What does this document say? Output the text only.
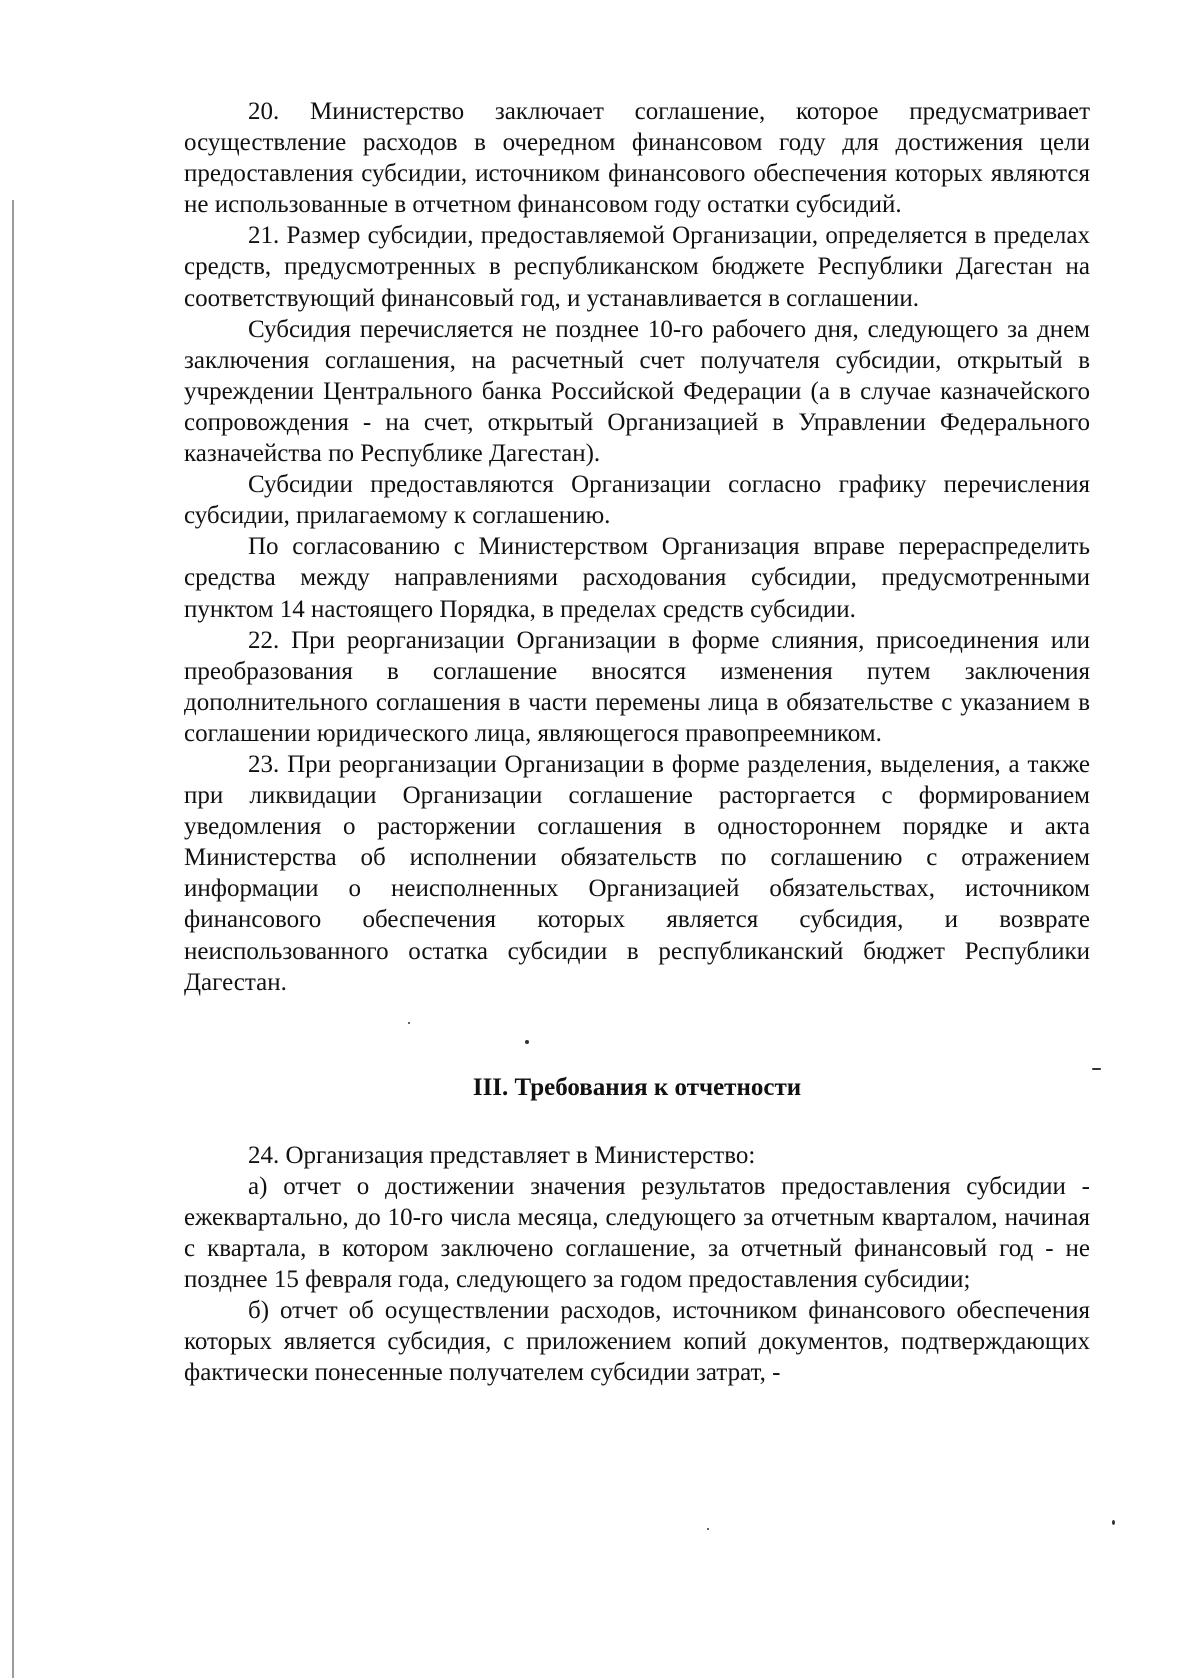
20. Министерство заключает соглашение, которое предусматривает осуществление расходов в очередном финансовом году для достижения цели предоставления субсидии, источником финансового обеспечения которых являются не использованные в отчетном финансовом году остатки субсидий.

21. Размер субсидии, предоставляемой Организации, определяется в пределах средств, предусмотренных в республиканском бюджете Республики Дагестан на соответствующий финансовый год, и устанавливается в соглашении.

Субсидия перечисляется не позднее 10-го рабочего дня, следующего за днем заключения соглашения, на расчетный счет получателя субсидии, открытый в учреждении Центрального банка Российской Федерации (а в случае казначейского сопровождения - на счет, открытый Организацией в Управлении Федерального казначейства по Республике Дагестан).

Субсидии предоставляются Организации согласно графику перечисления субсидии, прилагаемому к соглашению.

По согласованию с Министерством Организация вправе перераспределить средства между направлениями расходования субсидии, предусмотренными пунктом 14 настоящего Порядка, в пределах средств субсидии.

22. При реорганизации Организации в форме слияния, присоединения или преобразования в соглашение вносятся изменения путем заключения дополнительного соглашения в части перемены лица в обязательстве с указанием в соглашении юридического лица, являющегося правопреемником.

23. При реорганизации Организации в форме разделения, выделения, а также при ликвидации Организации соглашение расторгается с формированием уведомления о расторжении соглашения в одностороннем порядке и акта Министерства об исполнении обязательств по соглашению с отражением информации о неисполненных Организацией обязательствах, источником финансового обеспечения которых является субсидия, и возврате неиспользованного остатка субсидии в республиканский бюджет Республики Дагестан.

III. Требования к отчетности

24. Организация представляет в Министерство:

а) отчет о достижении значения результатов предоставления субсидии - ежеквартально, до 10-го числа месяца, следующего за отчетным кварталом, начиная с квартала, в котором заключено соглашение, за отчетный финансовый год - не позднее 15 февраля года, следующего за годом предоставления субсидии;

б) отчет об осуществлении расходов, источником финансового обеспечения которых является субсидия, с приложением копий документов, подтверждающих фактически понесенные получателем субсидии затрат, -
